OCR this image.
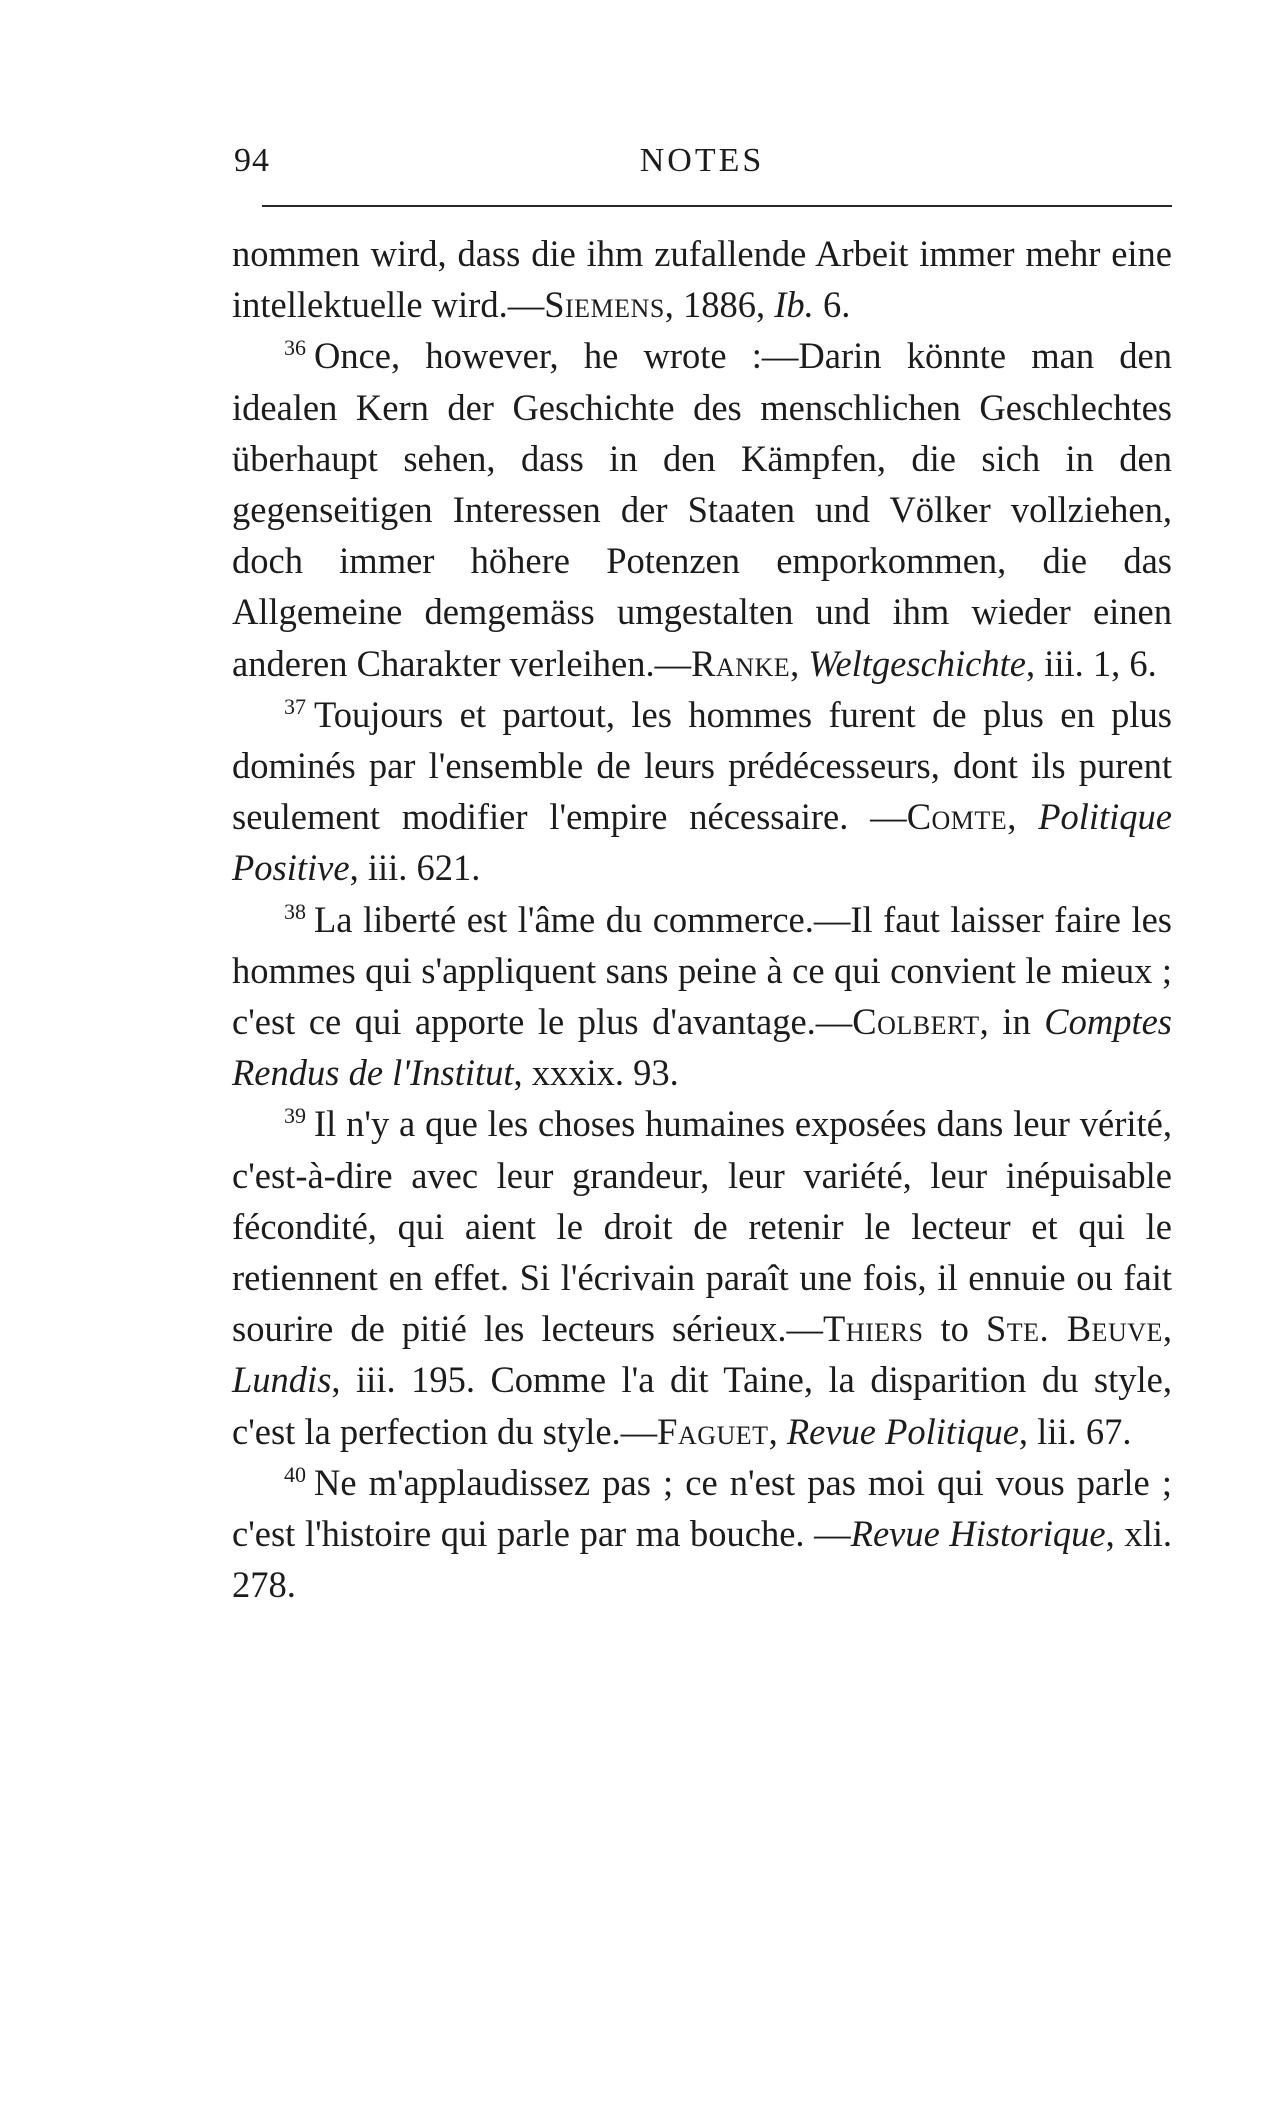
94	NOTES

nommen wird, dass die ihm zufallende Arbeit immer mehr eine intellektuelle wird.—Siemens, 1886, Ib. 6.

$^{36}$ Once, however, he wrote :—Darin könnte man den idealen Kern der Geschichte des menschlichen Geschlechtes überhaupt sehen, dass in den Kämpfen, die sich in den gegenseitigen Interessen der Staaten und Völker vollziehen, doch immer höhere Potenzen emporkommen, die das Allgemeine demgemäss umgestalten und ihm wieder einen anderen Charakter verleihen.—Ranke, Weltgeschichte, iii. 1, 6.

$^{37}$ Toujours et partout, les hommes furent de plus en plus dominés par l'ensemble de leurs prédécesseurs, dont ils purent seulement modifier l'empire nécessaire. —Comte, Politique Positive, iii. 621.

$^{38}$ La liberté est l'âme du commerce.—Il faut laisser faire les hommes qui s'appliquent sans peine à ce qui convient le mieux ; c'est ce qui apporte le plus d'avantage.—Colbert, in Comptes Rendus de l'Institut, xxxix. 93.

$^{39}$ Il n'y a que les choses humaines exposées dans leur vérité, c'est-à-dire avec leur grandeur, leur variété, leur inépuisable fécondité, qui aient le droit de retenir le lecteur et qui le retiennent en effet. Si l'écrivain paraît une fois, il ennuie ou fait sourire de pitié les lecteurs sérieux.—Thiers to Ste. Beuve, Lundis, iii. 195. Comme l'a dit Taine, la disparition du style, c'est la perfection du style.—Faguet, Revue Politique, lii. 67.

$^{40}$ Ne m'applaudissez pas ; ce n'est pas moi qui vous parle ; c'est l'histoire qui parle par ma bouche. —Revue Historique, xli. 278.
